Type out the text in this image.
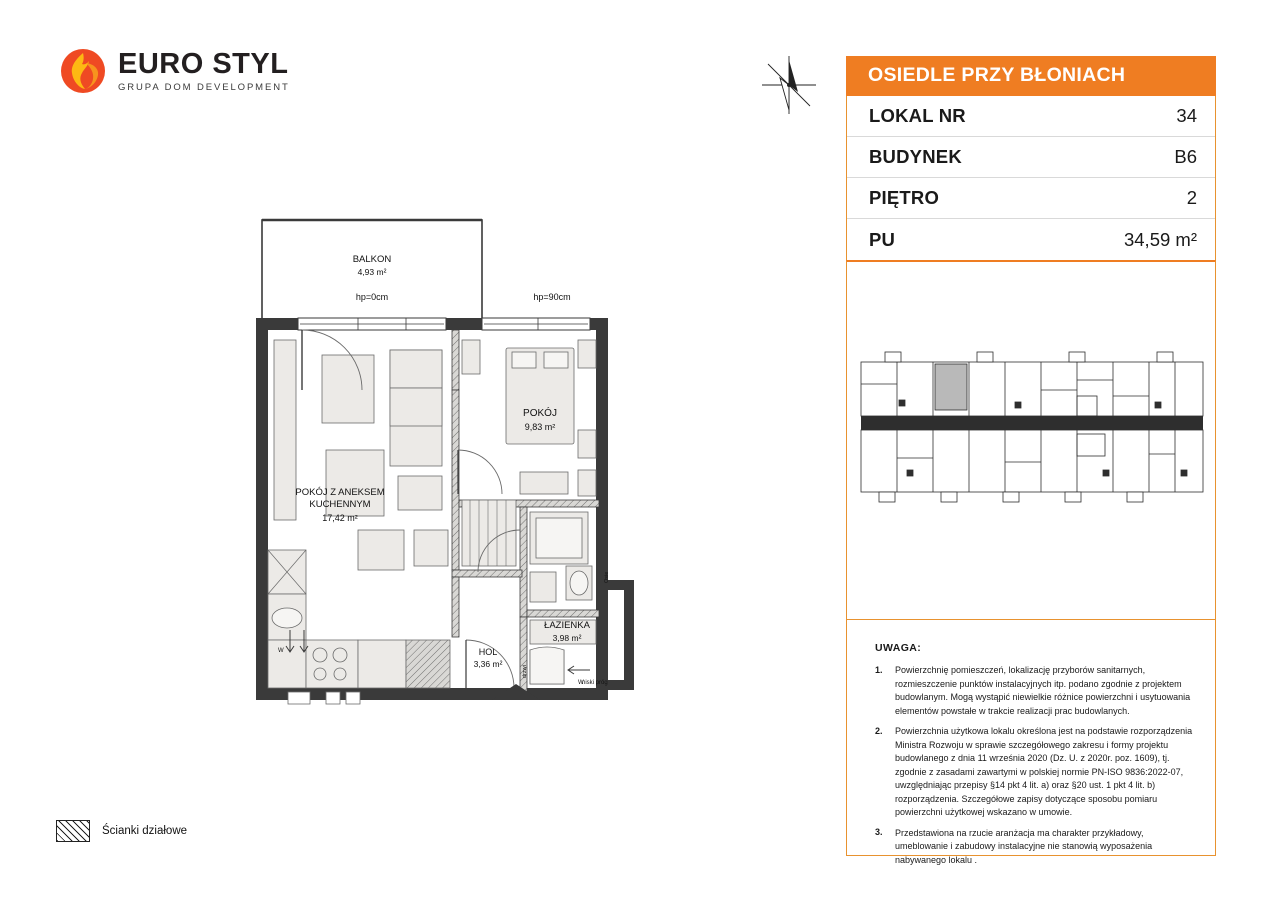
EURO STYL
GRUPA DOM DEVELOPMENT
BALKON
4,93 m²
hp=0cm	hp=90cm
POKÓJ
9,83 m²
POKÓJ Z ANEKSEM
KUCHENNYM
17,42 m²
ŁAZIENKA
3,98 m²
HOL
3,36 m²
niski próg
W
W
Osie
drzwi
Ścianki działowe
OSIEDLE PRZY BŁONIACH
LOKAL NR	34
BUDYNEK	B6
PIĘTRO	2
PU	34,59 m²
UWAGA:
1.	Powierzchnię pomieszczeń, lokalizację przyborów sanitarnych, rozmieszczenie punktów instalacyjnych itp. podano zgodnie z projektem budowlanym. Mogą wystąpić niewielkie różnice powierzchni i usytuowania elementów powstałe w trakcie realizacji prac budowlanych.
2.	Powierzchnia użytkowa lokalu określona jest na podstawie rozporządzenia Ministra Rozwoju w sprawie szczegółowego zakresu i formy projektu budowlanego z dnia 11 września 2020 (Dz. U. z 2020r. poz. 1609), tj. zgodnie z zasadami zawartymi w polskiej normie PN-ISO 9836:2022-07, uwzględniając przepisy §14 pkt 4 lit. a) oraz §20 ust. 1 pkt 4 lit. b) rozporządzenia. Szczegółowe zapisy dotyczące sposobu pomiaru powierzchni użytkowej wskazano w umowie.
3.	Przedstawiona na rzucie aranżacja ma charakter przykładowy, umeblowanie i zabudowy instalacyjne nie stanowią wyposażenia nabywanego lokalu .
